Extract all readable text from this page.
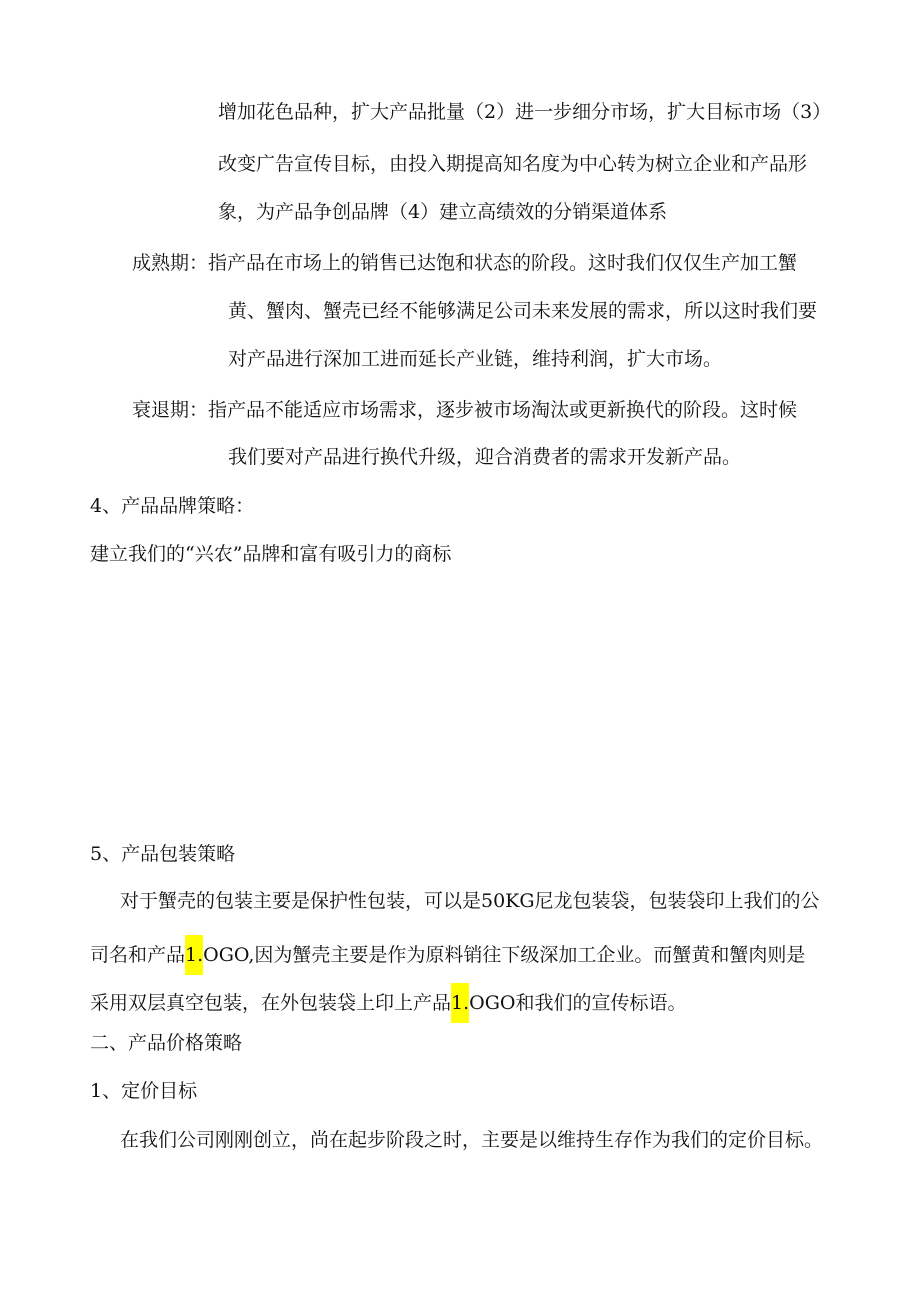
增加花色品种，扩大产品批量（2）进一步细分市场，扩大目标市场（3）
改变广告宣传目标，由投入期提高知名度为中心转为树立企业和产品形
象，为产品争创品牌（4）建立高绩效的分销渠道体系
成熟期：指产品在市场上的销售已达饱和状态的阶段。这时我们仅仅生产加工蟹
黄、蟹肉、蟹壳已经不能够满足公司未来发展的需求，所以这时我们要
对产品进行深加工进而延长产业链，维持利润，扩大市场。
衰退期：指产品不能适应市场需求，逐步被市场淘汰或更新换代的阶段。这时候
我们要对产品进行换代升级，迎合消费者的需求开发新产品。
4、产品品牌策略：
建立我们的“兴农”品牌和富有吸引力的商标
5、产品包装策略
对于蟹壳的包装主要是保护性包装，可以是50KG尼龙包装袋，包装袋印上我们的公
司名和产品1.OGO,因为蟹壳主要是作为原料销往下级深加工企业。而蟹黄和蟹肉则是
采用双层真空包装，在外包装袋上印上产品1.OGO和我们的宣传标语。
二、产品价格策略
1、定价目标
在我们公司刚刚创立，尚在起步阶段之时，主要是以维持生存作为我们的定价目标。
